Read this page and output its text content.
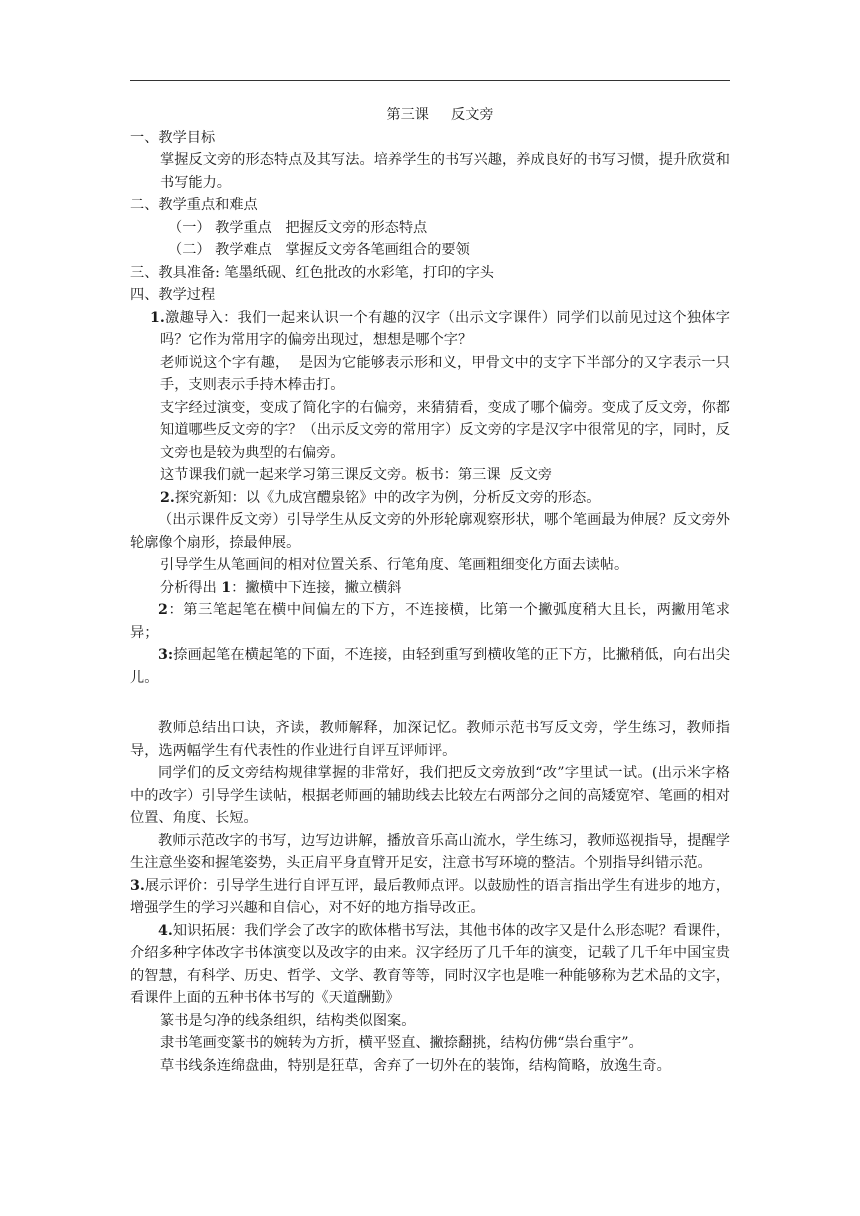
第三课 反文旁

一、教学目标

掌握反文旁的形态特点及其写法。培养学生的书写兴趣，养成良好的书写习惯，提升欣赏和书写能力。

二、教学重点和难点

（一） 教学重点   把握反文旁的形态特点

（二） 教学难点   掌握反文旁各笔画组合的要领

三、教具准备: 笔墨纸砚、红色批改的水彩笔，打印的字头

四、教学过程

1.激趣导入：我们一起来认识一个有趣的汉字（出示文字课件）同学们以前见过这个独体字吗？它作为常用字的偏旁出现过，想想是哪个字？

老师说这个字有趣，  是因为它能够表示形和义，甲骨文中的支字下半部分的又字表示一只手，支则表示手持木棒击打。

支字经过演变，变成了简化字的右偏旁，来猜猜看，变成了哪个偏旁。变成了反文旁，你都知道哪些反文旁的字？（出示反文旁的常用字）反文旁的字是汉字中很常见的字，同时，反文旁也是较为典型的右偏旁。

这节课我们就一起来学习第三课反文旁。板书：第三课  反文旁

2.探究新知：以《九成宫醴泉铭》中的改字为例，分析反文旁的形态。

（出示课件反文旁）引导学生从反文旁的外形轮廓观察形状，哪个笔画最为伸展？反文旁外轮廓像个扇形，捺最伸展。

引导学生从笔画间的相对位置关系、行笔角度、笔画粗细变化方面去读帖。

分析得出 1：撇横中下连接，撇立横斜

2：第三笔起笔在横中间偏左的下方，不连接横，比第一个撇弧度稍大且长，两撇用笔求异；

3:捺画起笔在横起笔的下面，不连接，由轻到重写到横收笔的正下方，比撇稍低，向右出尖儿。

教师总结出口诀，齐读，教师解释，加深记忆。教师示范书写反文旁，学生练习，教师指导，选两幅学生有代表性的作业进行自评互评师评。

同学们的反文旁结构规律掌握的非常好，我们把反文旁放到“改”字里试一试。(出示米字格中的改字）引导学生读帖，根据老师画的辅助线去比较左右两部分之间的高矮宽窄、笔画的相对位置、角度、长短。

教师示范改字的书写，边写边讲解，播放音乐高山流水，学生练习，教师巡视指导，提醒学生注意坐姿和握笔姿势，头正肩平身直臂开足安，注意书写环境的整洁。个别指导纠错示范。

3.展示评价：引导学生进行自评互评，最后教师点评。以鼓励性的语言指出学生有进步的地方，增强学生的学习兴趣和自信心，对不好的地方指导改正。

4.知识拓展：我们学会了改字的欧体楷书写法，其他书体的改字又是什么形态呢？看课件，介绍多种字体改字书体演变以及改字的由来。汉字经历了几千年的演变，记载了几千年中国宝贵的智慧，有科学、历史、哲学、文学、教育等等，同时汉字也是唯一种能够称为艺术品的文字，看课件上面的五种书体书写的《天道酬勤》

篆书是匀净的线条组织，结构类似图案。

隶书笔画变篆书的婉转为方折，横平竖直、撇捺翻挑，结构仿佛“祟台重宇”。

草书线条连绵盘曲，特别是狂草，舍弃了一切外在的装饰，结构简略，放逸生奇。
